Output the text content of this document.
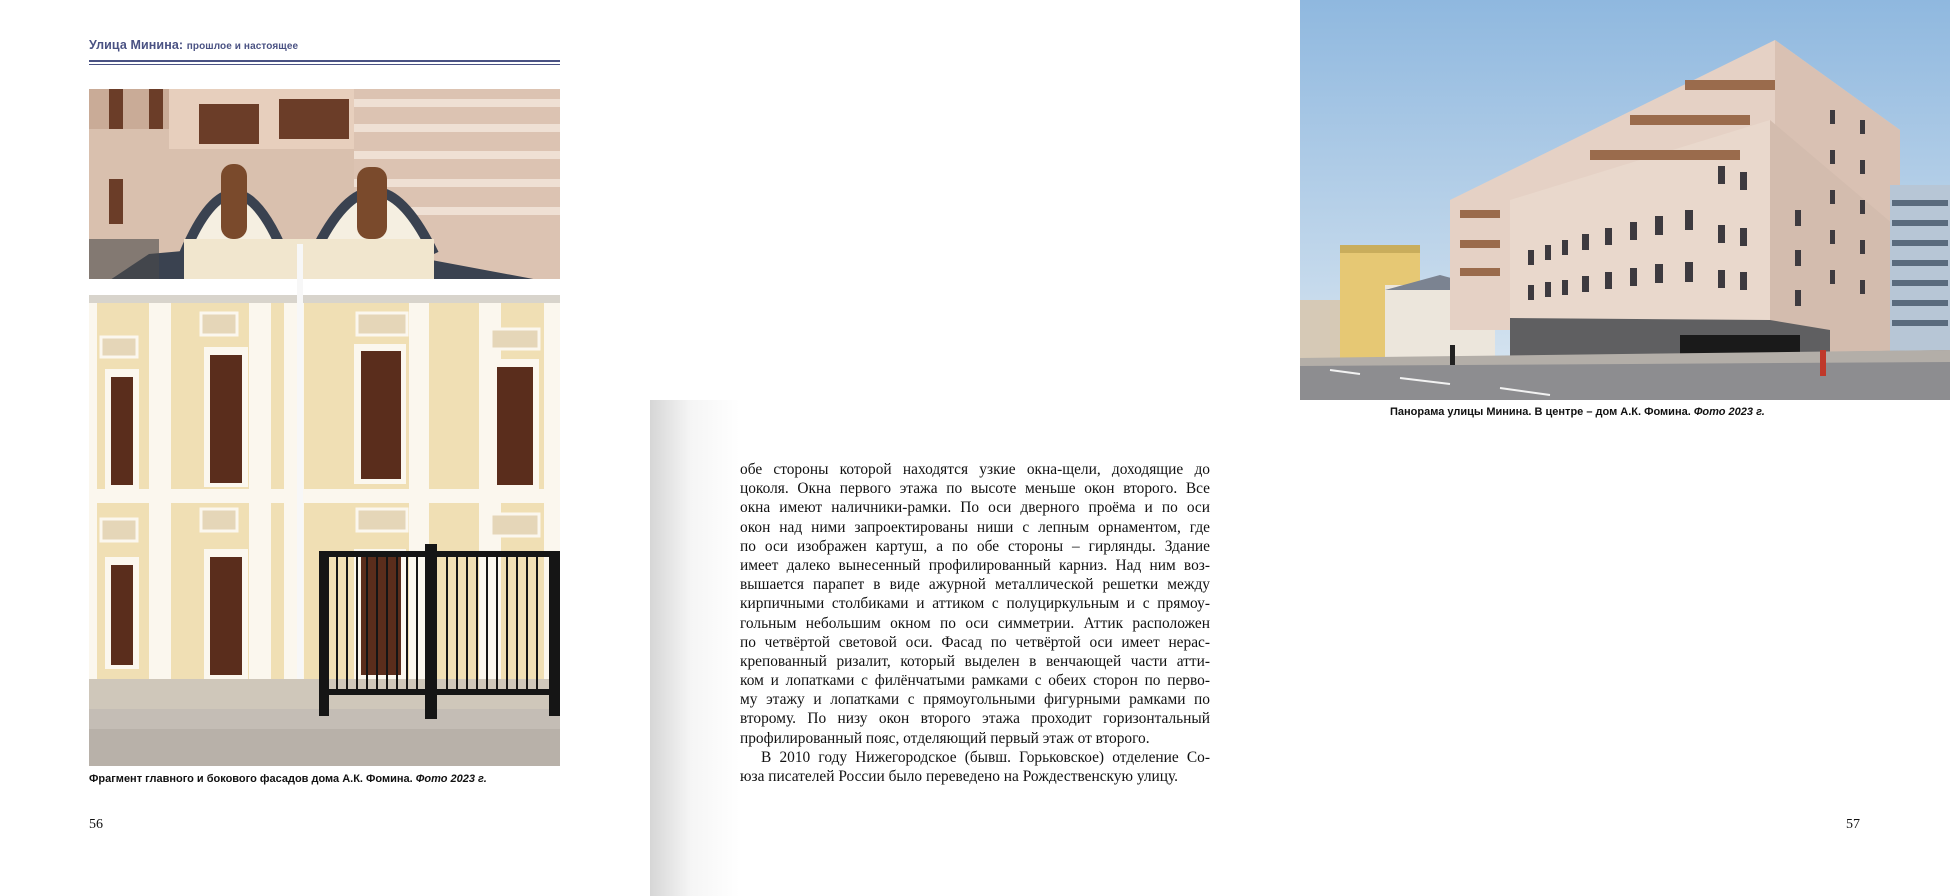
Улица Минина: прошлое и настоящее
Фрагмент главного и бокового фасадов дома А.К. Фомина. Фото 2023 г.
56
Панорама улицы Минина. В центре – дом А.К. Фомина. Фото 2023 г.
57
обе стороны которой находятся узкие окна-щели, доходящие до
цоколя. Окна первого этажа по высоте меньше окон второго. Все
окна имеют наличники-рамки. По оси дверного проёма и по оси
окон над ними запроектированы ниши с лепным орнаментом, где
по оси изображен картуш, а по обе стороны – гирлянды. Здание
имеет далеко вынесенный профилированный карниз. Над ним воз-
вышается парапет в виде ажурной металлической решетки между
кирпичными столбиками и аттиком с полуциркульным и с прямоу-
гольным небольшим окном по оси симметрии. Аттик расположен
по четвёртой световой оси. Фасад по четвёртой оси имеет нерас-
крепованный ризалит, который выделен в венчающей части атти-
ком и лопатками с филёнчатыми рамками с обеих сторон по перво-
му этажу и лопатками с прямоугольными фигурными рамками по
второму. По низу окон второго этажа проходит горизонтальный
профилированный пояс, отделяющий первый этаж от второго.
В 2010 году Нижегородское (бывш. Горьковское) отделение Со-
юза писателей России было переведено на Рождественскую улицу.
